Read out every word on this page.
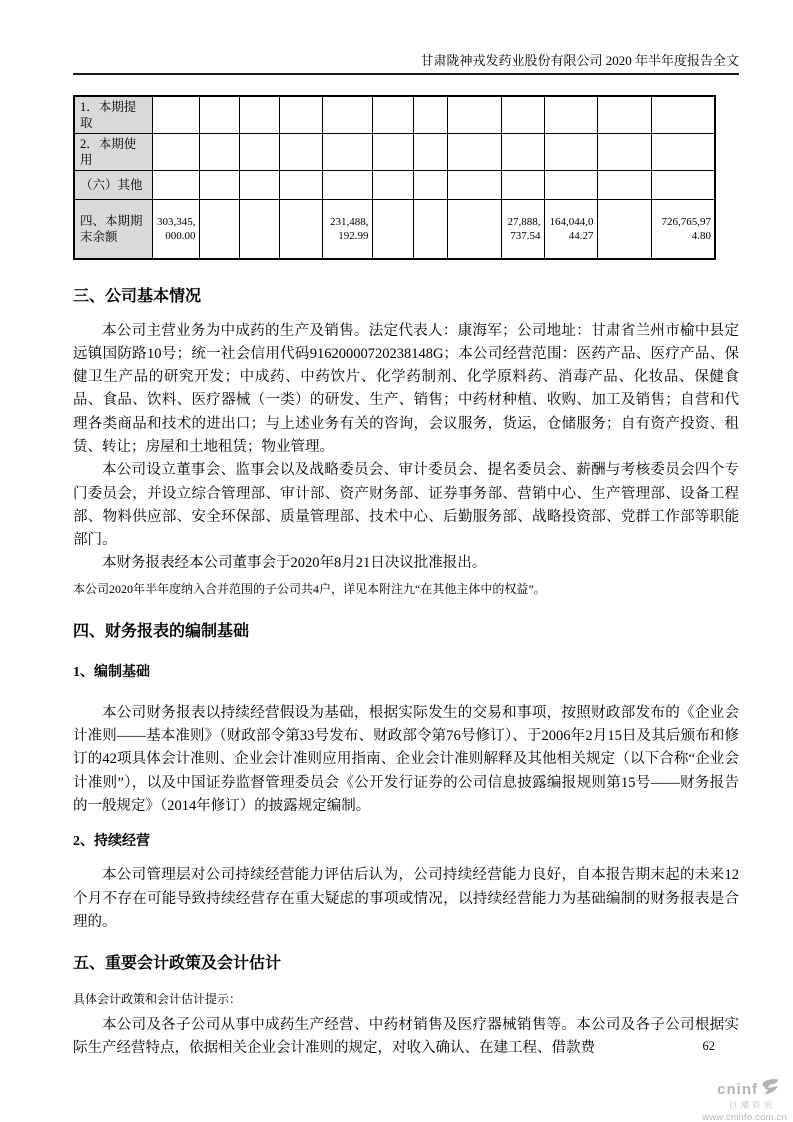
甘肃陇神戎发药业股份有限公司 2020 年半年度报告全文
1．本期提取												
2．本期使用												
（六）其他												
四、本期期末余额	303,345,000.00				231,488,192.99				27,888,737.54	164,044,044.27		726,765,974.80
三、公司基本情况
本公司主营业务为中成药的生产及销售。法定代表人：康海军；公司地址：甘肃省兰州市榆中县定远镇国防路10号；统一社会信用代码91620000720238148G；本公司经营范围：医药产品、医疗产品、保健卫生产品的研究开发；中成药、中药饮片、化学药制剂、化学原料药、消毒产品、化妆品、保健食品、食品、饮料、医疗器械（一类）的研发、生产、销售；中药材种植、收购、加工及销售；自营和代理各类商品和技术的进出口；与上述业务有关的咨询，会议服务，货运，仓储服务；自有资产投资、租赁、转让；房屋和土地租赁；物业管理。
本公司设立董事会、监事会以及战略委员会、审计委员会、提名委员会、薪酬与考核委员会四个专门委员会，并设立综合管理部、审计部、资产财务部、证券事务部、营销中心、生产管理部、设备工程部、物料供应部、安全环保部、质量管理部、技术中心、后勤服务部、战略投资部、党群工作部等职能部门。
本财务报表经本公司董事会于2020年8月21日决议批准报出。
本公司2020年半年度纳入合并范围的子公司共4户，详见本附注九“在其他主体中的权益”。
四、财务报表的编制基础
1、编制基础
本公司财务报表以持续经营假设为基础，根据实际发生的交易和事项，按照财政部发布的《企业会计准则——基本准则》（财政部令第33号发布、财政部令第76号修订）、于2006年2月15日及其后颁布和修订的42项具体会计准则、企业会计准则应用指南、企业会计准则解释及其他相关规定（以下合称“企业会计准则”），以及中国证券监督管理委员会《公开发行证券的公司信息披露编报规则第15号——财务报告的一般规定》（2014年修订）的披露规定编制。
2、持续经营
本公司管理层对公司持续经营能力评估后认为，公司持续经营能力良好，自本报告期末起的未来12个月不存在可能导致持续经营存在重大疑虑的事项或情况，以持续经营能力为基础编制的财务报表是合理的。
五、重要会计政策及会计估计
具体会计政策和会计估计提示：
本公司及各子公司从事中成药生产经营、中药材销售及医疗器械销售等。本公司及各子公司根据实际生产经营特点，依据相关企业会计准则的规定，对收入确认、在建工程、借款费	62
cninf
巨潮资讯
www.cninfo.com.cn
